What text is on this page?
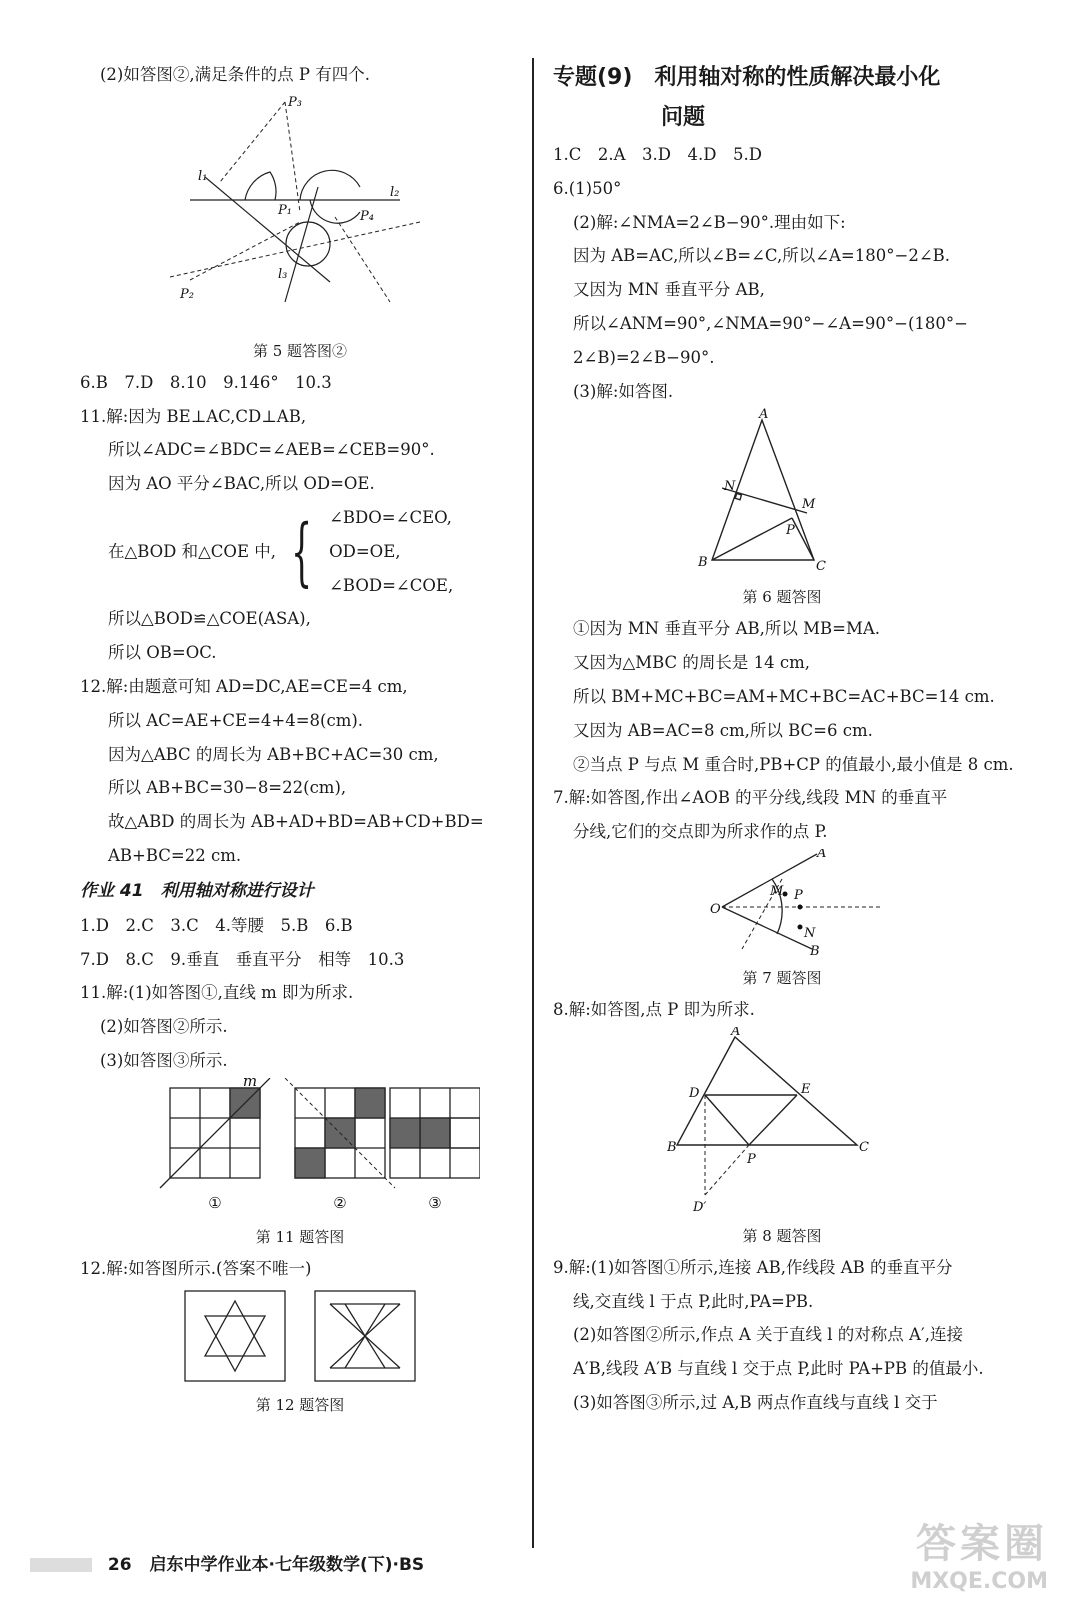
(2)如答图②,满足条件的点 P 有四个.
P₃
l₁
l₂
P₁	P₄
P₂
l₃
第 5 题答图②
6.B　7.D　8.10　9.146°　10.3
11.解:因为 BE⊥AC,CD⊥AB,
所以∠ADC=∠BDC=∠AEB=∠CEB=90°.
因为 AO 平分∠BAC,所以 OD=OE.
在△BOD 和△COE 中, { ∠BDO=∠CEO,
OD=OE,
∠BOD=∠COE,
所以△BOD≌△COE(ASA),
所以 OB=OC.
12.解:由题意可知 AD=DC,AE=CE=4 cm,
所以 AC=AE+CE=4+4=8(cm).
因为△ABC 的周长为 AB+BC+AC=30 cm,
所以 AB+BC=30−8=22(cm),
故△ABD 的周长为 AB+AD+BD=AB+CD+BD=
AB+BC=22 cm.
作业 41　利用轴对称进行设计
1.D　2.C　3.C　4.等腰　5.B　6.B
7.D　8.C　9.垂直　垂直平分　相等　10.3
11.解:(1)如答图①,直线 m 即为所求.
(2)如答图②所示.
(3)如答图③所示.
①	②	③
m
第 11 题答图
12.解:如答图所示.(答案不唯一)
第 12 题答图
专题(9)　利用轴对称的性质解决最小化
问题
1.C　2.A　3.D　4.D　5.D
6.(1)50°
(2)解:∠NMA=2∠B−90°.理由如下:
因为 AB=AC,所以∠B=∠C,所以∠A=180°−2∠B.
又因为 MN 垂直平分 AB,
所以∠ANM=90°,∠NMA=90°−∠A=90°−(180°−
2∠B)=2∠B−90°.
(3)解:如答图.
A
N
M
P
B	C
第 6 题答图
①因为 MN 垂直平分 AB,所以 MB=MA.
又因为△MBC 的周长是 14 cm,
所以 BM+MC+BC=AM+MC+BC=AC+BC=14 cm.
又因为 AB=AC=8 cm,所以 BC=6 cm.
②当点 P 与点 M 重合时,PB+CP 的值最小,最小值是 8 cm.
7.解:如答图,作出∠AOB 的平分线,线段 MN 的垂直平
分线,它们的交点即为所求作的点 P.
A
M P
O
N
B
第 7 题答图
8.解:如答图,点 P 即为所求.
A
D	E
B
P
C
D′
第 8 题答图
9.解:(1)如答图①所示,连接 AB,作线段 AB 的垂直平分
线,交直线 l 于点 P,此时,PA=PB.
(2)如答图②所示,作点 A 关于直线 l 的对称点 A′,连接
A′B,线段 A′B 与直线 l 交于点 P,此时 PA+PB 的值最小.
(3)如答图③所示,过 A,B 两点作直线与直线 l 交于
26 启东中学作业本·七年级数学(下)·BS	答案圈
MXQE.COM
